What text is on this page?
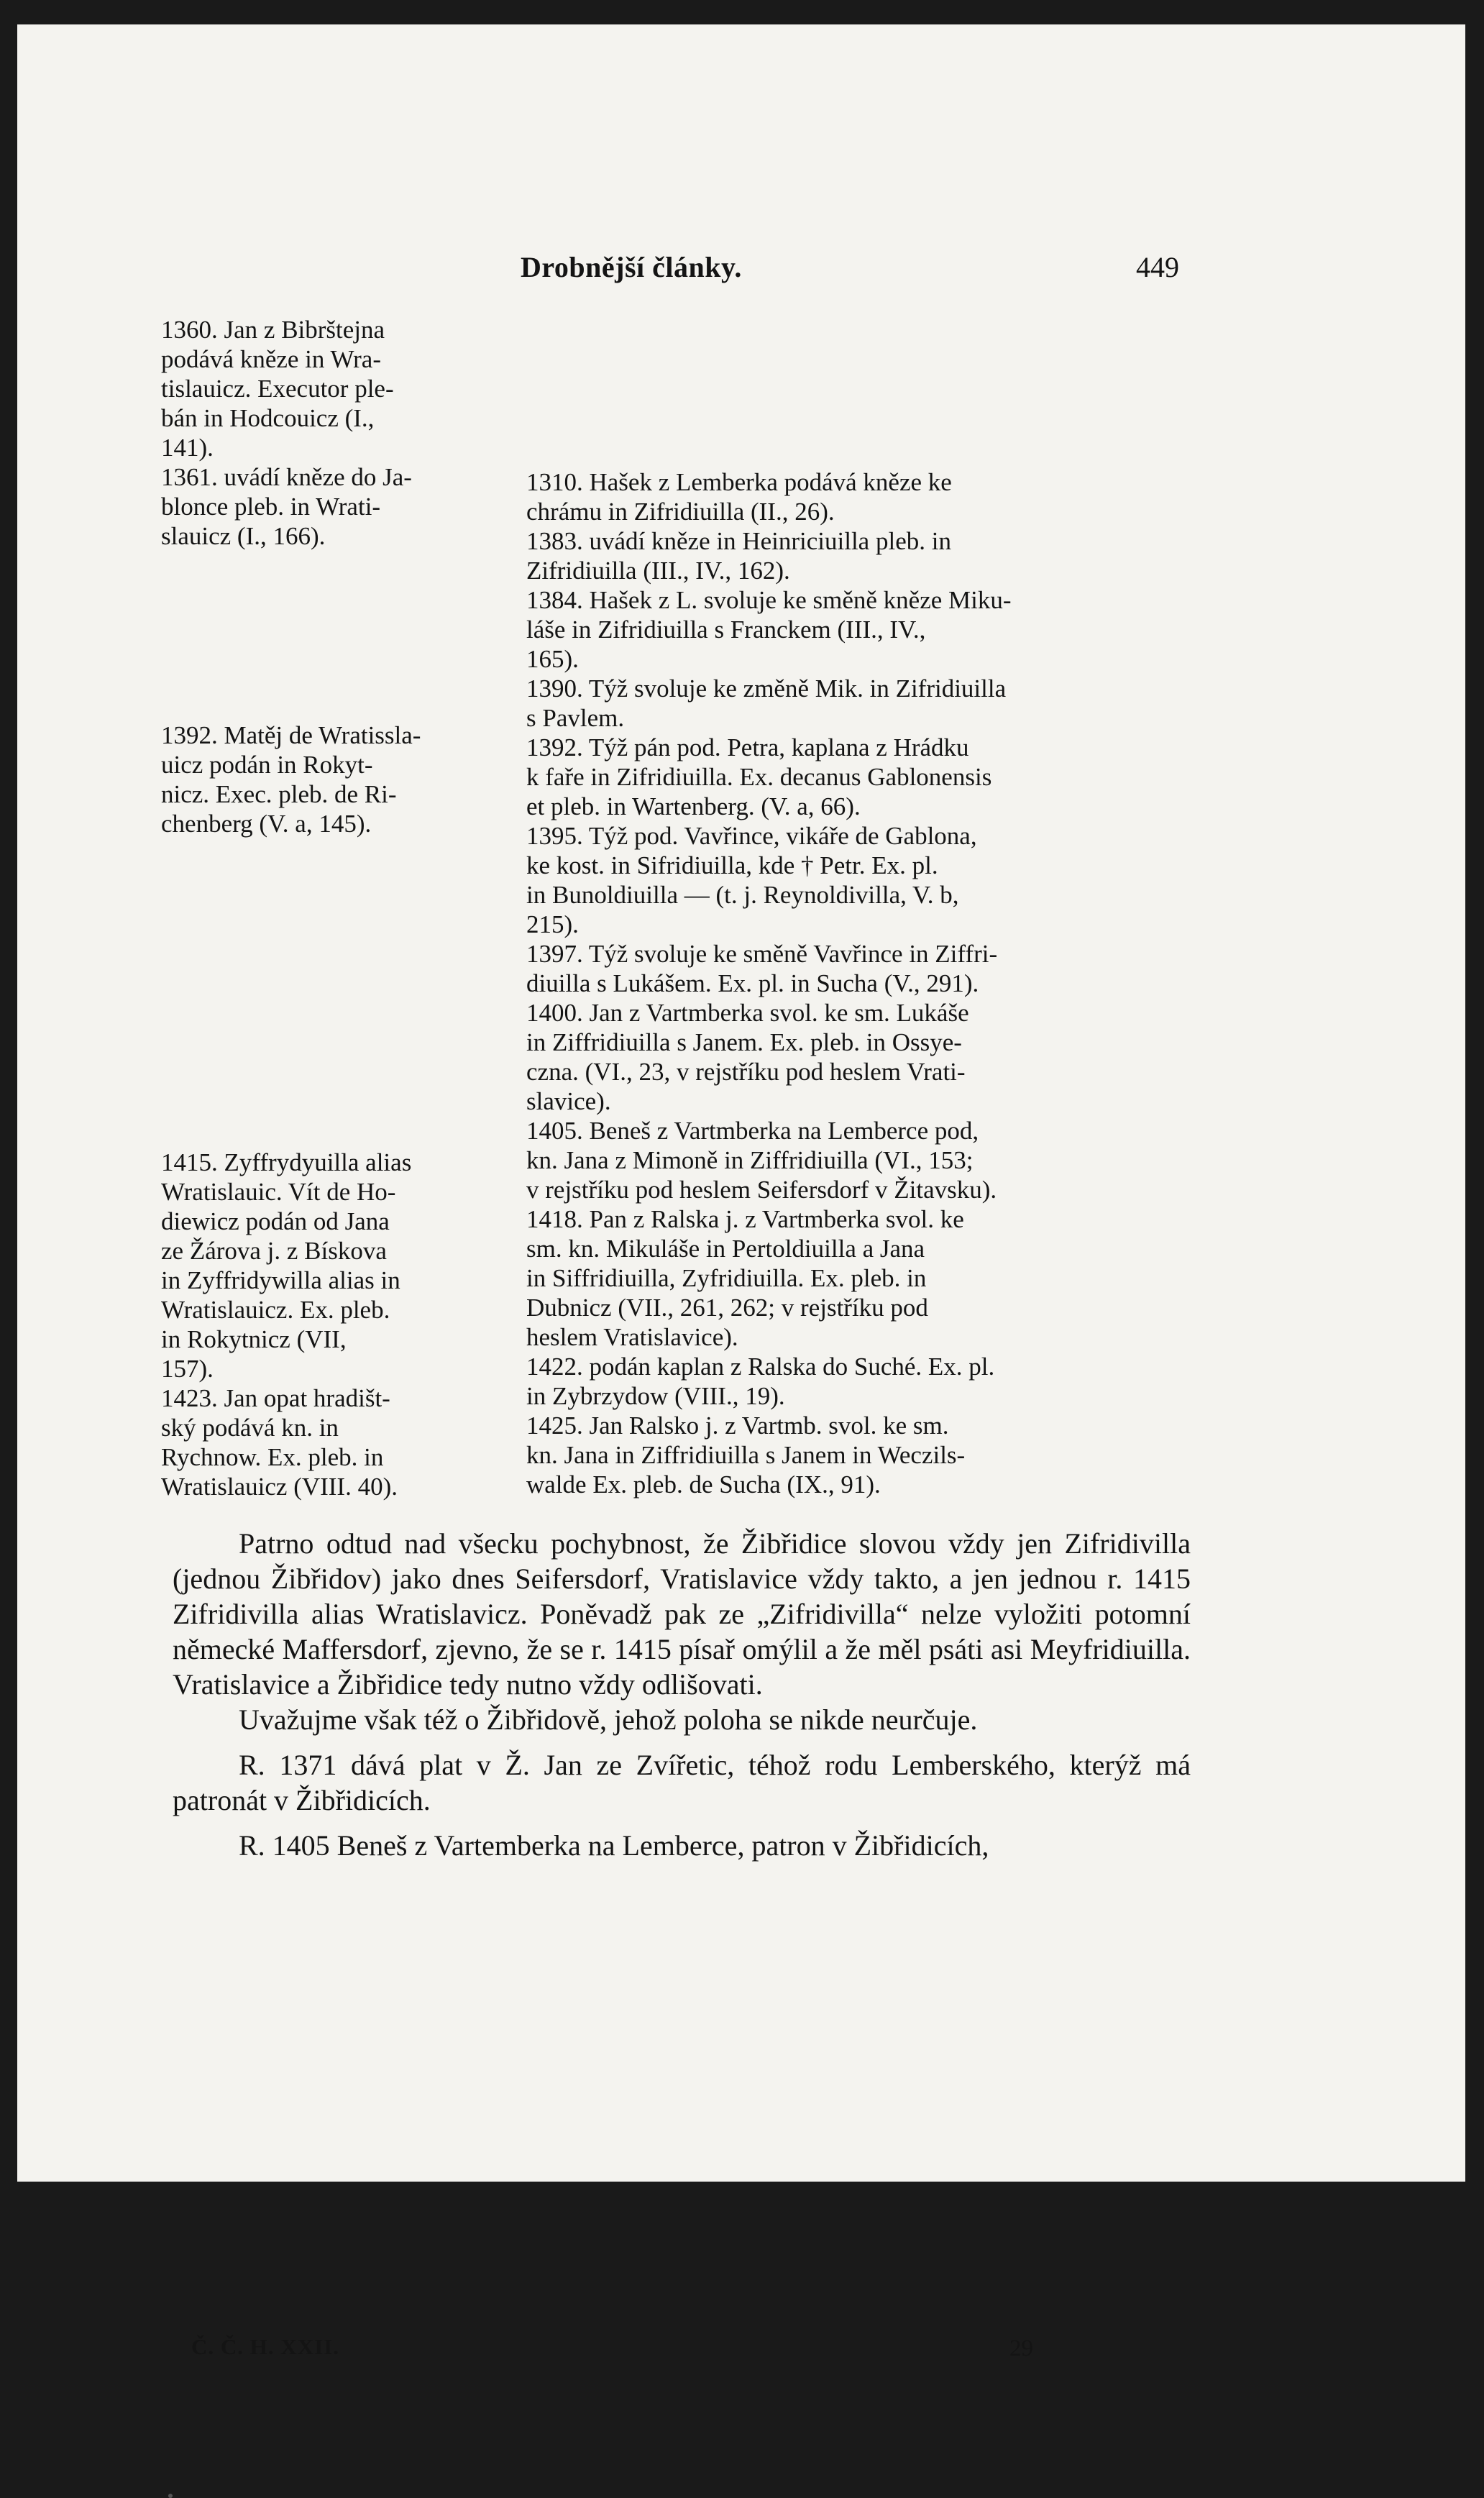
Drobnější články.	449

1360. Jan z Bibrštejna

podává kněze in Wra-

tislauicz. Executor ple-

bán in Hodcouicz (I.,

141).

1361. uvádí kněze do Ja-

blonce pleb. in Wrati-

slauicz (I., 166).

1392. Matěj de Wratissla-

uicz podán in Rokyt-

nicz. Exec. pleb. de Ri-

chenberg (V. a, 145).

1415. Zyffrydyuilla alias

Wratislauic. Vít de Ho-

diewicz podán od Jana

ze Žárova j. z Bískova

in Zyffridywilla alias in

Wratislauicz. Ex. pleb.

in Rokytnicz (VII,

157).

1423. Jan opat hradišt-

ský podává kn. in

Rychnow. Ex. pleb. in

Wratislauicz (VIII. 40).

1310. Hašek z Lemberka podává kněze ke

chrámu in Zifridiuilla (II., 26).

1383. uvádí kněze in Heinriciuilla pleb. in

Zifridiuilla (III., IV., 162).

1384. Hašek z L. svoluje ke směně kněze Miku-

láše in Zifridiuilla s Franckem (III., IV.,

165).

1390. Týž svoluje ke změně Mik. in Zifridiuilla

s Pavlem.

1392. Týž pán pod. Petra, kaplana z Hrádku

k faře in Zifridiuilla. Ex. decanus Gablonensis

et pleb. in Wartenberg. (V. a, 66).

1395. Týž pod. Vavřince, vikáře de Gablona,

ke kost. in Sifridiuilla, kde † Petr. Ex. pl.

in Bunoldiuilla — (t. j. Reynoldivilla, V. b,

215).

1397. Týž svoluje ke směně Vavřince in Ziffri-

diuilla s Lukášem. Ex. pl. in Sucha (V., 291).

1400. Jan z Vartmberka svol. ke sm. Lukáše

in Ziffridiuilla s Janem. Ex. pleb. in Ossye-

czna. (VI., 23, v rejstříku pod heslem Vrati-

slavice).

1405. Beneš z Vartmberka na Lemberce pod,

kn. Jana z Mimoně in Ziffridiuilla (VI., 153;

v rejstříku pod heslem Seifersdorf v Žitavsku).

1418. Pan z Ralska j. z Vartmberka svol. ke

sm. kn. Mikuláše in Pertoldiuilla a Jana

in Siffridiuilla, Zyfridiuilla. Ex. pleb. in

Dubnicz (VII., 261, 262; v rejstříku pod

heslem Vratislavice).

1422. podán kaplan z Ralska do Suché. Ex. pl.

in Zybrzydow (VIII., 19).

1425. Jan Ralsko j. z Vartmb. svol. ke sm.

kn. Jana in Ziffridiuilla s Janem in Weczils-

walde Ex. pleb. de Sucha (IX., 91).

Patrno odtud nad všecku pochybnost, že Žibřidice slovou vždy jen Zifridivilla (jednou Žibřidov) jako dnes Seifersdorf, Vratislavice vždy takto, a jen jednou r. 1415 Zifridivilla alias Wratislavicz. Poněvadž pak ze „Zifridivilla“ nelze vyložiti potomní německé Maffersdorf, zjevno, že se r. 1415 písař omýlil a že měl psáti asi Meyfridiuilla. Vratislavice a Žibřidice tedy nutno vždy odlišovati.

Uvažujme však též o Žibřidově, jehož poloha se nikde neurčuje.

R. 1371 dává plat v Ž. Jan ze Zvířetic, téhož rodu Lemberského, kterýž má patronát v Žibřidicích.

R. 1405 Beneš z Vartemberka na Lemberce, patron v Žibřidicích,

Č. Č. H. XXII.	29
